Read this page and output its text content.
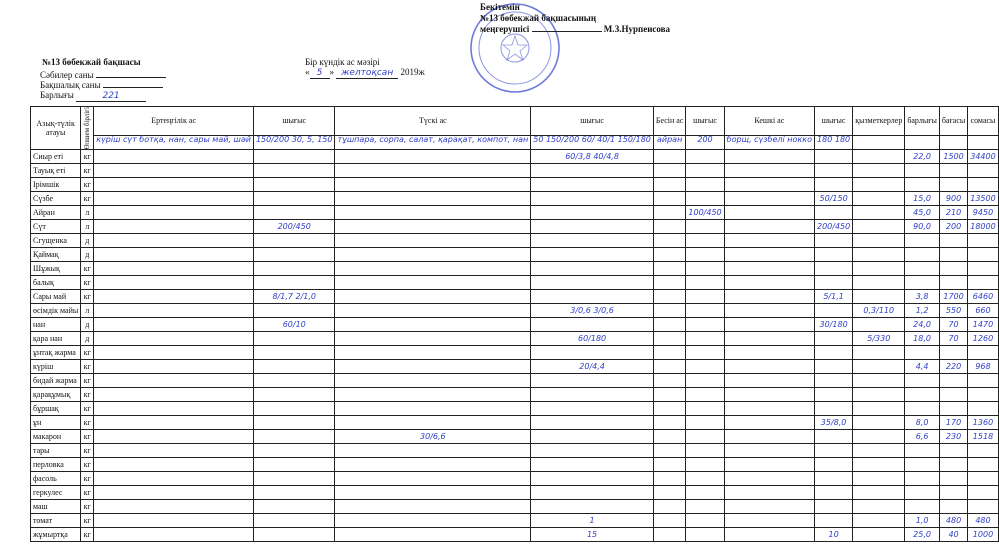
Бекітемін
№13 бөбекжай бақшасының
меңгерушісі	М.З.Нурпеисова
№13 бөбекжай бақшасы
Сәбилер саны
Бақшалық саны
Барлығы	221
Бір күндік ас мәзірі
« 5 » желтоқсан 2019ж
Азық-түлік атауы	Өлшем бірлігі	Ертеңгілік ас	шығыс	Түскі ас	шығыс	Бесін ас	шығыс	Кешкі ас	шығыс	қызметкерлер	барлығы	бағасы	сомасы
		күріш сүт ботқа, нан, сары май, шәй	150/200 30, 5, 150	тұшпара, сорпа, салат, қарақат, компот, нан	50 150/200 60/ 40/1 150/180	айран	200	борщ, сүзбелі нокко	180 180				
Сиыр еті	кг				60/3,8 40/4,8						22,0	1500	34400
Тауық еті	кг												
Ірімшік	кг												
Сүзбе	кг								50/150		15,0	900	13500
Айран	л						100/450				45,0	210	9450
Сүт	л		200/450						200/450		90,0	200	18000
Сгущенка	д												
Қаймақ	д												
Шұжық	кг												
балық	кг												
Сары май	кг		8/1,7 2/1,0						5/1,1		3,8	1700	6460
өсімдік майы	л				3/0,6 3/0,6					0,3/110	1,2	550	660
нан	д		60/10						30/180		24,0	70	1470
қара нан	д				60/180					5/330	18,0	70	1260
ұнтақ жарма	кг												
күріш	кг				20/4,4						4,4	220	968
бидай жарма	кг												
қарақұмық	кг												
бұршақ	кг												
ұн	кг								35/8,0		8,0	170	1360
макарон	кг			30/6,6							6,6	230	1518
тары	кг												
перловка	кг												
фасоль	кг												
геркулес	кг												
маш	кг												
томат	кг				1						1,0	480	480
жұмыртқа	кг				15				10		25,0	40	1000
